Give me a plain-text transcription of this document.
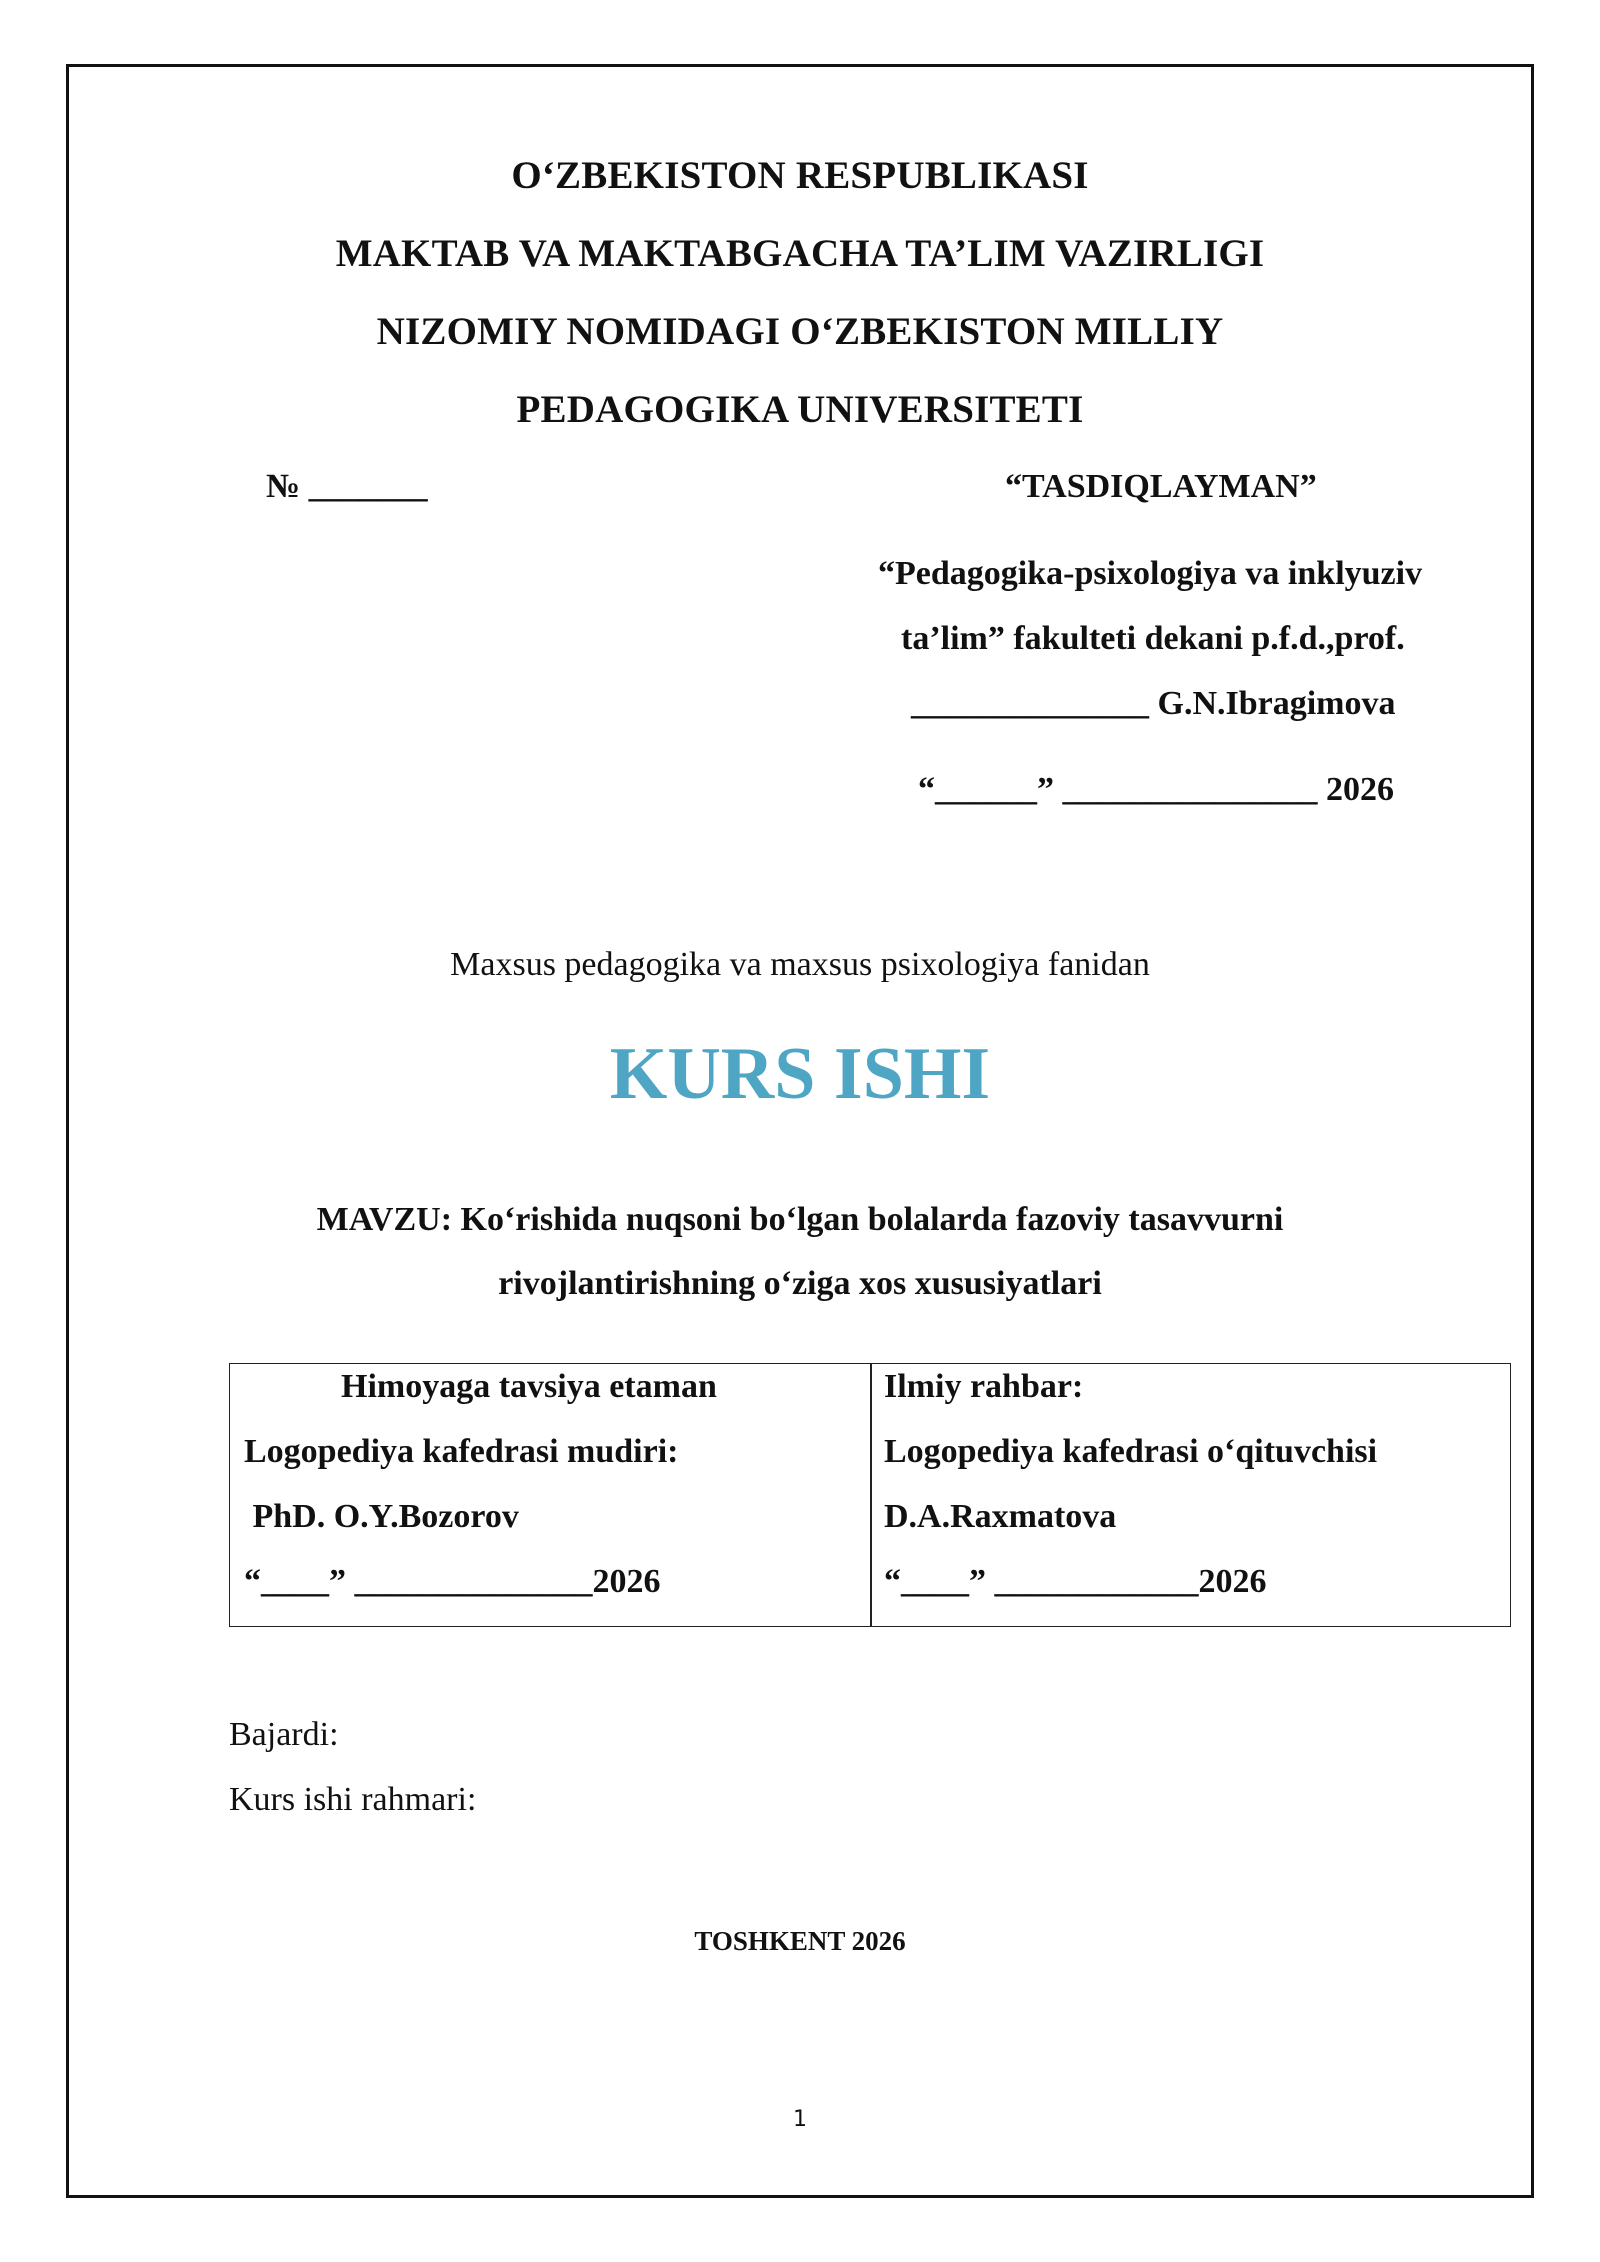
O‘ZBEKISTON RESPUBLIKASI
MAKTAB VA MAKTABGACHA TA’LIM VAZIRLIGI
NIZOMIY NOMIDAGI O‘ZBEKISTON MILLIY
PEDAGOGIKA UNIVERSITETI
№ _______	“TASDIQLAYMAN”
“Pedagogika-psixologiya va inklyuziv
ta’lim” fakulteti dekani p.f.d.,prof.
______________ G.N.Ibragimova
“______” _______________ 2026
Maxsus pedagogika va maxsus psixologiya fanidan
KURS ISHI
MAVZU: Ko‘rishida nuqsoni bo‘lgan bolalarda fazoviy tasavvurni
rivojlantirishning o‘ziga xos xususiyatlari
Himoyaga tavsiya etaman
Logopediya kafedrasi mudiri:
PhD. O.Y.Bozorov
“____” ______________2026
Ilmiy rahbar:
Logopediya kafedrasi o‘qituvchisi
D.A.Raxmatova
“____” ____________2026
Bajardi:
Kurs ishi rahmari:
TOSHKENT 2026
1
